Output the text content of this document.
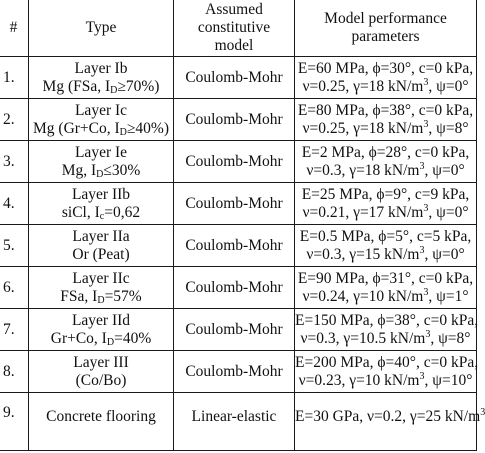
#	Type	Assumed
constitutive
model	Model performance
parameters

1.	Layer Ib
Mg (FSa, $I_D\ge 70\%$)	Coulomb-Mohr	E=60 MPa, ϕ=30°, c=0 kPa,
ν=0.25, γ=18 $kN/m^3$, ψ=0°

2.	Layer Ic
Mg (Gr+Co, $I_D\ge 40\%$)	Coulomb-Mohr	E=80 MPa, ϕ=38°, c=0 kPa,
ν=0.25, γ=18 $kN/m^3$, ψ=8°

3.	Layer Ie
Mg, $I_D\le 30\%$	Coulomb-Mohr	E=2 MPa, ϕ=28°, c=0 kPa,
ν=0.3, γ=18 $kN/m^3$, ψ=0°

4.	Layer IIb
siCl, $I_c=0,62$	Coulomb-Mohr	E=25 MPa, ϕ=9°, c=9 kPa,
ν=0.21, γ=17 $kN/m^3$, ψ=0°

5.	Layer IIa
Or (Peat)	Coulomb-Mohr	E=0.5 MPa, ϕ=5°, c=5 kPa,
ν=0.3, γ=15 $kN/m^3$, ψ=0°

6.	Layer IIc
FSa, $I_D=57\%$	Coulomb-Mohr	E=90 MPa, ϕ=31°, c=0 kPa,
ν=0.24, γ=10 $kN/m^3$, ψ=1°

7.	Layer IId
Gr+Co, $I_D=40\%$	Coulomb-Mohr	E=150 MPa, ϕ=38°, c=0 kPa,
ν=0.3, γ=10.5 $kN/m^3$, ψ=8°

8.	Layer III
(Co/Bo)	Coulomb-Mohr	E=200 MPa, ϕ=40°, c=0 kPa,
ν=0.23, γ=10 $kN/m^3$, ψ=10°

9.	Concrete flooring	Linear-elastic	E=30 GPa, ν=0.2, γ=25 $kN/m^3$
